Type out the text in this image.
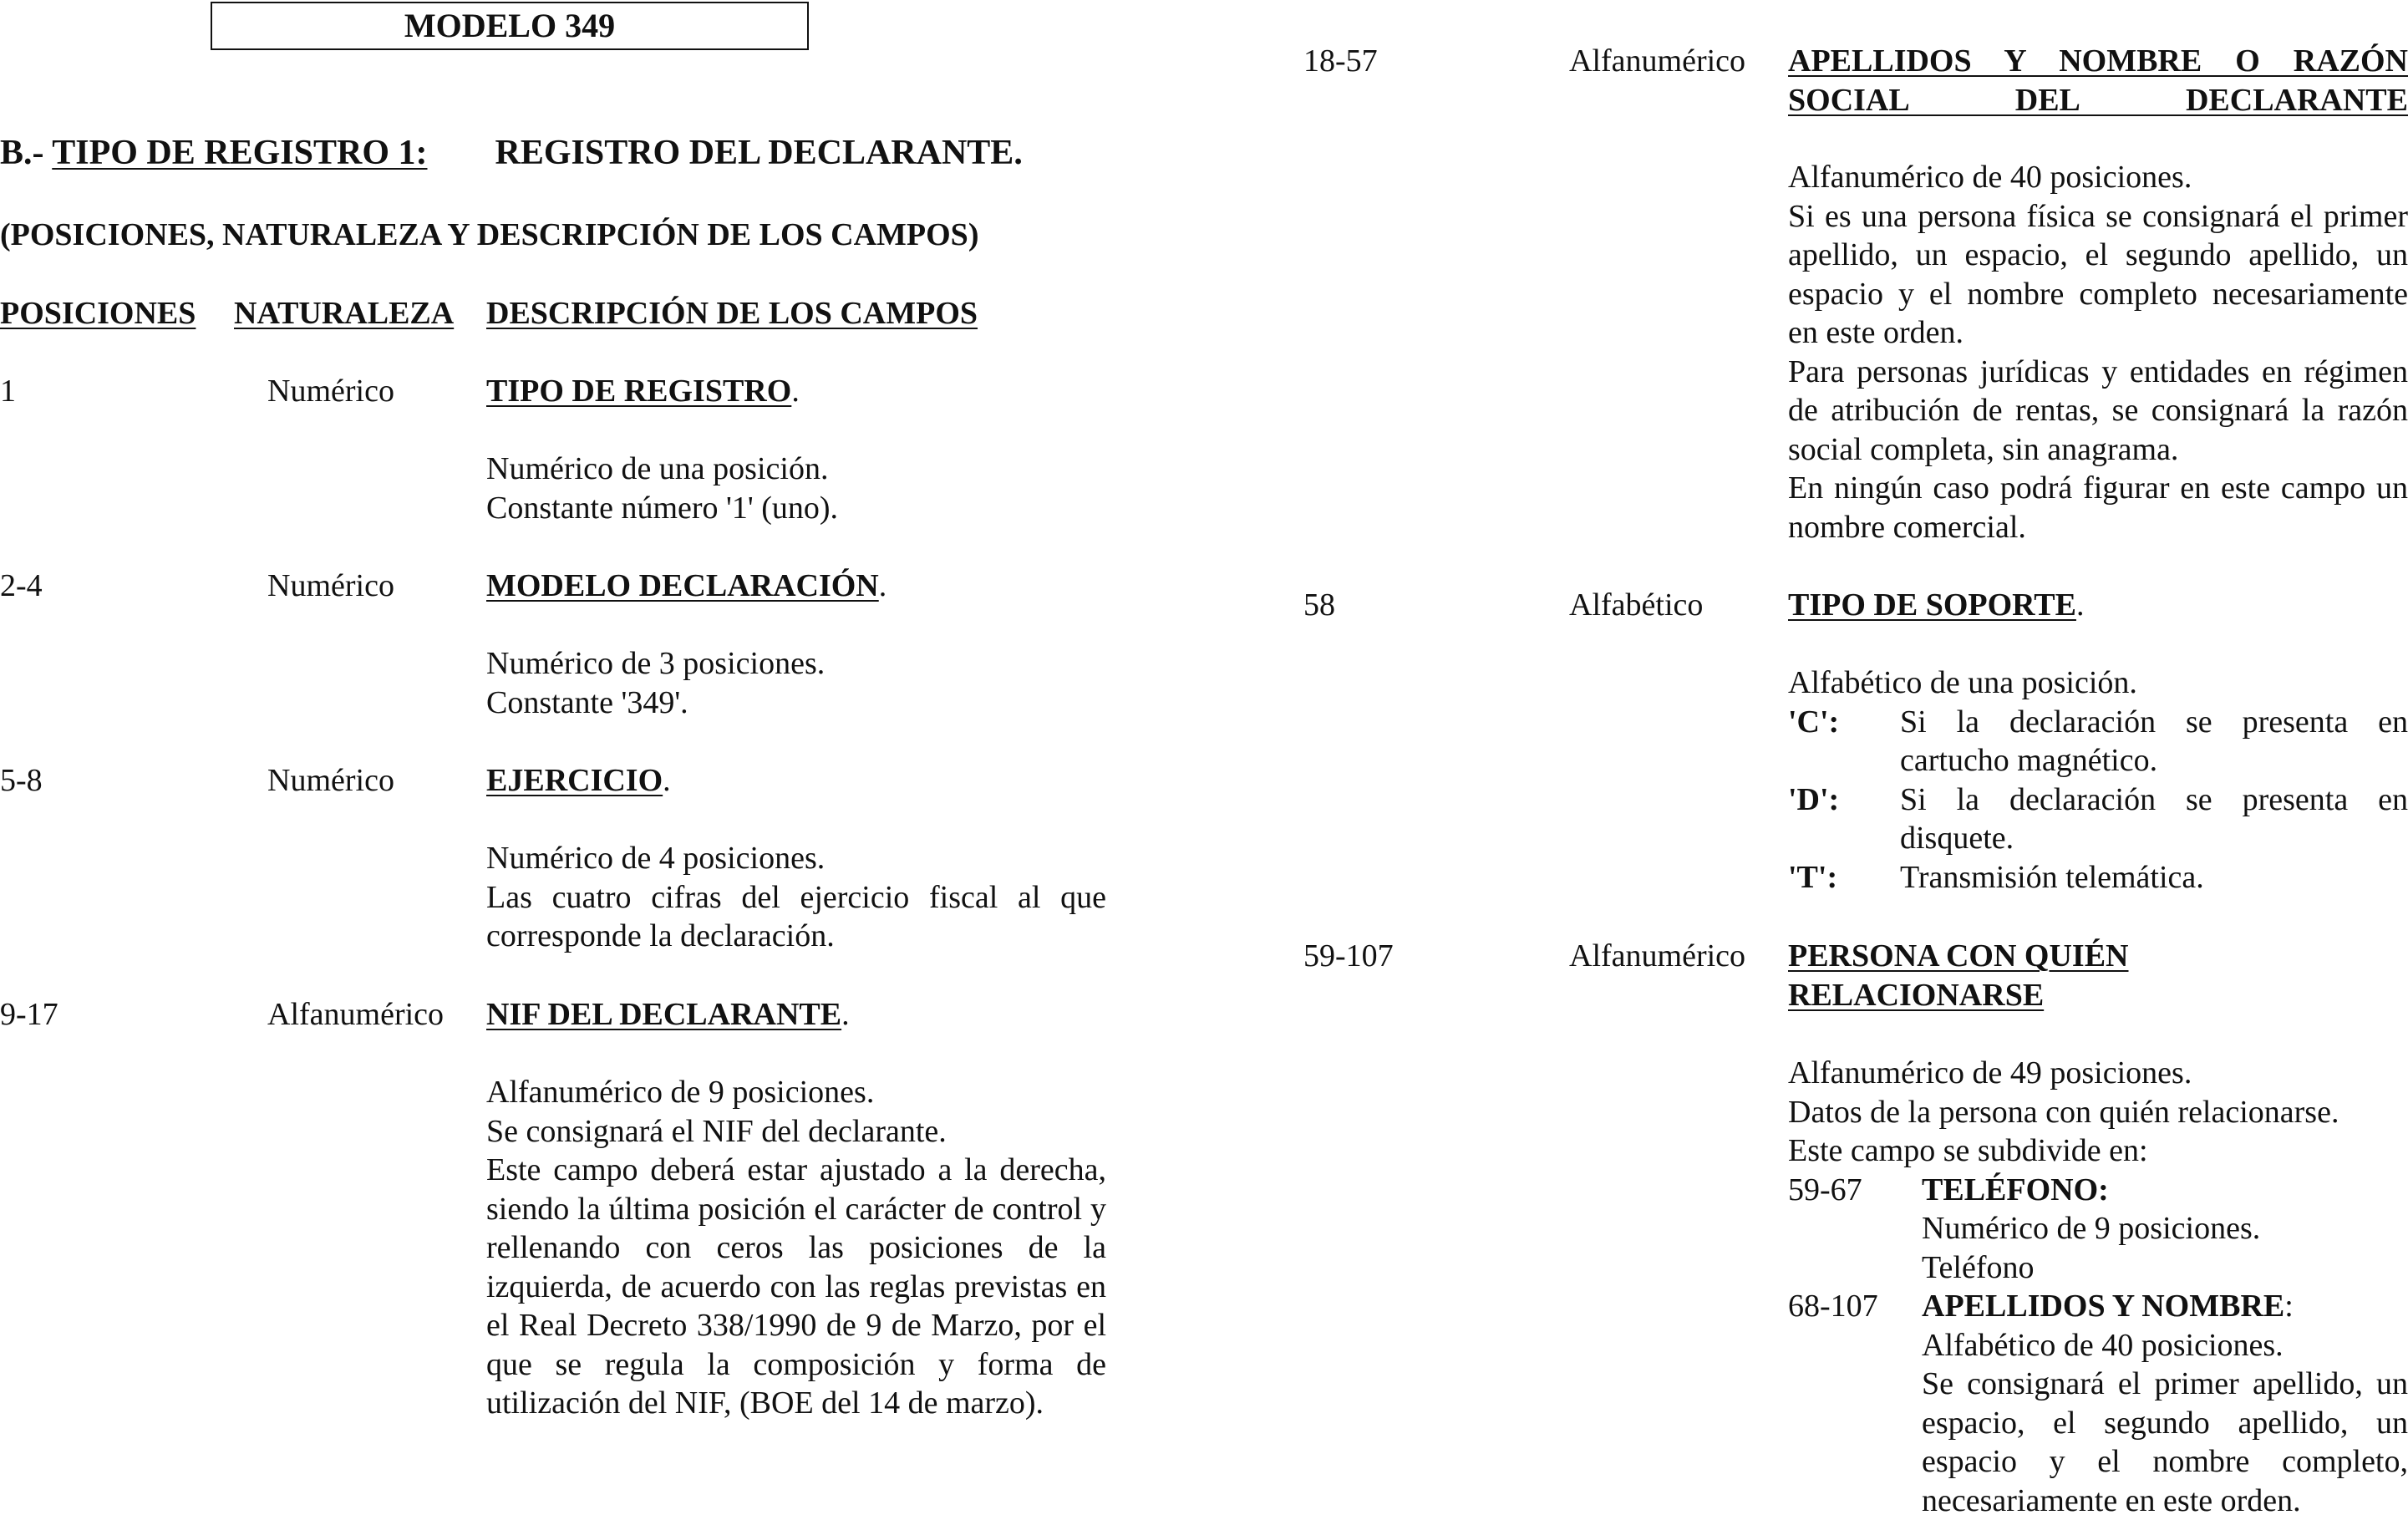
MODELO 349
B.- TIPO DE REGISTRO 1: REGISTRO DEL DECLARANTE.
(POSICIONES, NATURALEZA Y DESCRIPCIÓN DE LOS CAMPOS)
POSICIONES NATURALEZA DESCRIPCIÓN DE LOS CAMPOS
1	Numérico	TIPO DE REGISTRO.
Numérico de una posición.
Constante número '1' (uno).
2-4	Numérico	MODELO DECLARACIÓN.
Numérico de 3 posiciones.
Constante '349'.
5-8	Numérico	EJERCICIO.
Numérico de 4 posiciones.
Las cuatro cifras del ejercicio fiscal al que corresponde la declaración.
9-17	Alfanumérico NIF DEL DECLARANTE.
Alfanumérico de 9 posiciones.
Se consignará el NIF del declarante.
Este campo deberá estar ajustado a la derecha, siendo la última posición el carácter de control y rellenando con ceros las posiciones de la izquierda, de acuerdo con las reglas previstas en el Real Decreto 338/1990 de 9 de Marzo, por el que se regula la composición y forma de utilización del NIF, (BOE del 14 de marzo).
18-57	Alfanumérico APELLIDOS Y NOMBRE O RAZÓN SOCIAL DEL DECLARANTE
Alfanumérico de 40 posiciones.
Si es una persona física se consignará el primer apellido, un espacio, el segundo apellido, un espacio y el nombre completo necesariamente en este orden.
Para personas jurídicas y entidades en régimen de atribución de rentas, se consignará la razón social completa, sin anagrama.
En ningún caso podrá figurar en este campo un nombre comercial.
58	Alfabético	TIPO DE SOPORTE.
Alfabético de una posición.
'C':	Si la declaración se presenta en cartucho magnético.
'D':	Si la declaración se presenta en disquete.
'T':	Transmisión telemática.
59-107	Alfanumérico PERSONA CON QUIÉN
RELACIONARSE
Alfanumérico de 49 posiciones.
Datos de la persona con quién relacionarse.
Este campo se subdivide en:
59-67	TELÉFONO:
Numérico de 9 posiciones.
Teléfono
68-107	APELLIDOS Y NOMBRE:
Alfabético de 40 posiciones.
Se consignará el primer apellido, un espacio, el segundo apellido, un espacio y el nombre completo, necesariamente en este orden.
